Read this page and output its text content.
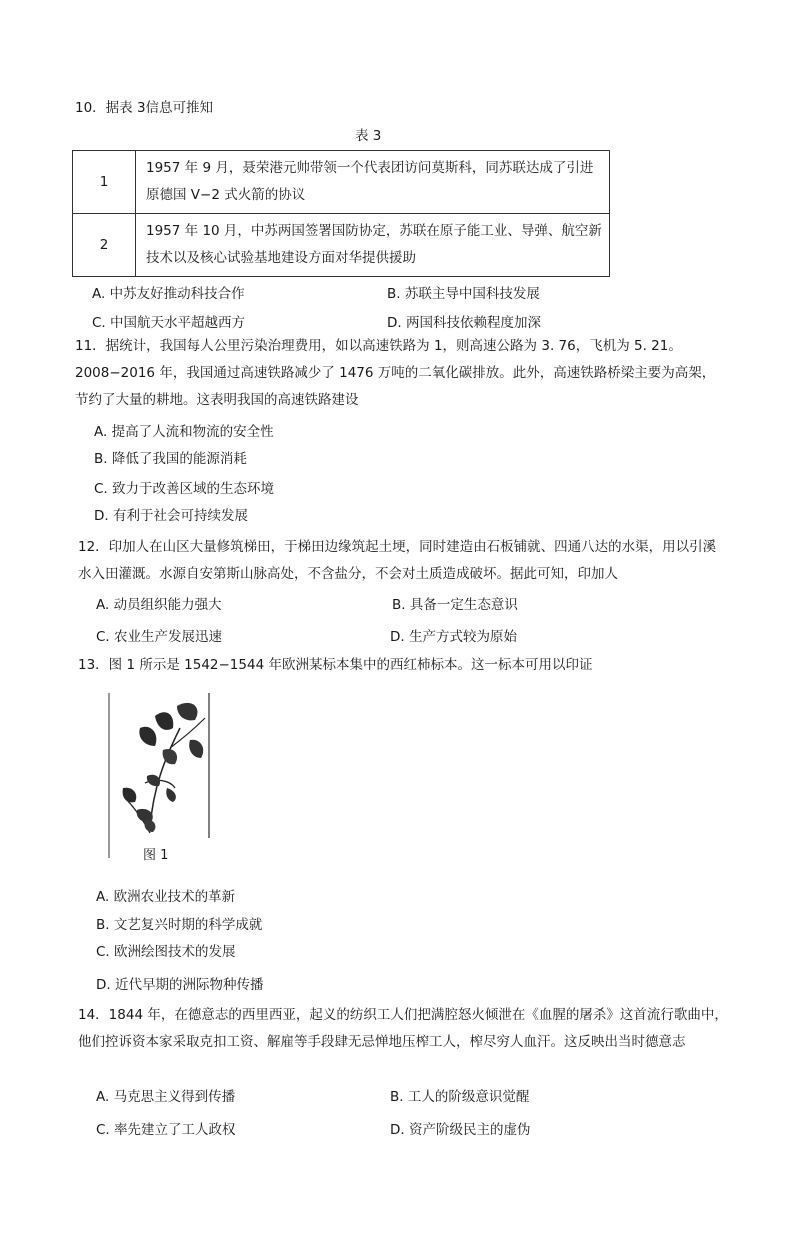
10．据表 3信息可推知
表 3
1	1957 年 9 月，聂荣港元帅带领一个代表团访问莫斯科，同苏联达成了引进原德国 V−2 式火箭的协议
2	1957 年 10 月，中苏两国签署国防协定，苏联在原子能工业、导弹、航空新技术以及核心试验基地建设方面对华提供援助
A. 中苏友好推动科技合作	B. 苏联主导中国科技发展
C. 中国航天水平超越西方	D. 两国科技依赖程度加深
11．据统计，我国每人公里污染治理费用，如以高速铁路为 1，则高速公路为 3. 76，飞机为 5. 21。2008−2016 年，我国通过高速铁路减少了 1476 万吨的二氧化碳排放。此外，高速铁路桥梁主要为高架，节约了大量的耕地。这表明我国的高速铁路建设
A. 提高了人流和物流的安全性
B. 降低了我国的能源消耗
C. 致力于改善区域的生态环境
D. 有利于社会可持续发展
12．印加人在山区大量修筑梯田，于梯田边缘筑起土埂，同时建造由石板铺就、四通八达的水渠，用以引溪水入田灌溉。水源自安第斯山脉高处，不含盐分，不会对土质造成破坏。据此可知，印加人
A. 动员组织能力强大	B. 具备一定生态意识
C. 农业生产发展迅速	D. 生产方式较为原始
13．图 1 所示是 1542−1544 年欧洲某标本集中的西红柿标本。这一标本可用以印证
图 1
A. 欧洲农业技术的革新
B. 文艺复兴时期的科学成就
C. 欧洲绘图技术的发展
D. 近代早期的洲际物种传播
14．1844 年，在德意志的西里西亚，起义的纺织工人们把满腔怒火倾泄在《血腥的屠杀》这首流行歌曲中，他们控诉资本家采取克扣工资、解雇等手段肆无忌惮地压榨工人，榨尽穷人血汗。这反映出当时德意志
A. 马克思主义得到传播	B. 工人的阶级意识觉醒
C. 率先建立了工人政权	D. 资产阶级民主的虚伪
